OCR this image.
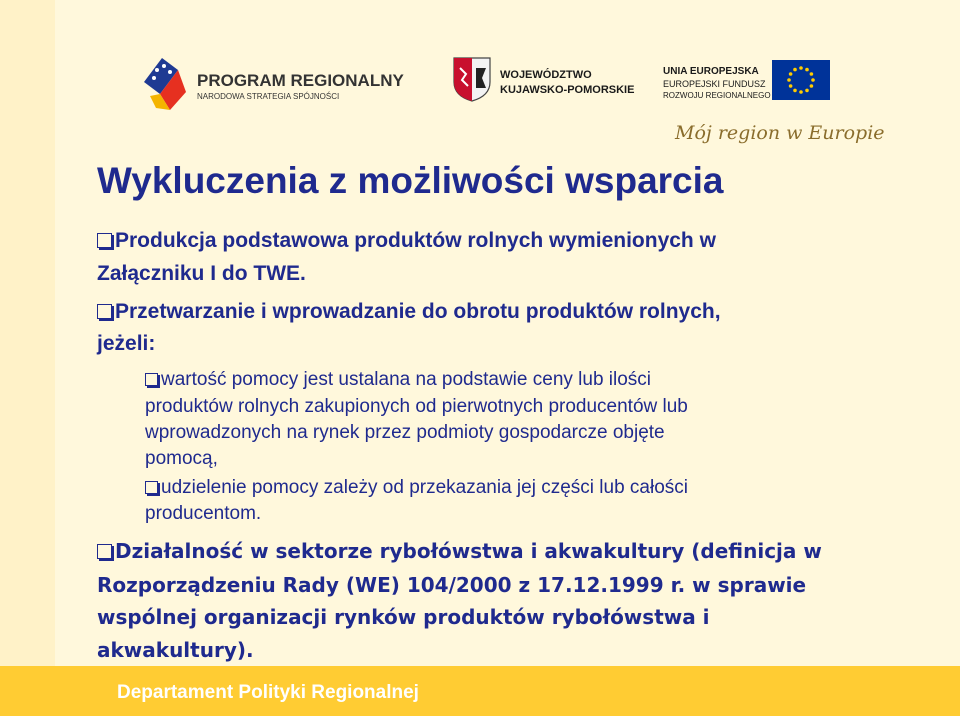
PROGRAM REGIONALNY
NARODOWA STRATEGIA SPÓJNOŚCI
WOJEWÓDZTWO
KUJAWSKO-POMORSKIE
UNIA EUROPEJSKA
EUROPEJSKI FUNDUSZ
ROZWOJU REGIONALNEGO
Mój region w Europie
Wykluczenia z możliwości wsparcia
Produkcja podstawowa produktów rolnych wymienionych w
Załączniku I do TWE.
Przetwarzanie i wprowadzanie do obrotu produktów rolnych,
jeżeli:
wartość pomocy jest ustalana na podstawie ceny lub ilości
produktów rolnych zakupionych od pierwotnych producentów lub
wprowadzonych na rynek przez podmioty gospodarcze objęte
pomocą,
udzielenie pomocy zależy od przekazania jej części lub całości
producentom.
Działalność w sektorze rybołówstwa i akwakultury (definicja w
Rozporządzeniu Rady (WE) 104/2000 z 17.12.1999 r. w sprawie
wspólnej organizacji rynków produktów rybołówstwa i
akwakultury).
Departament Polityki Regionalnej
